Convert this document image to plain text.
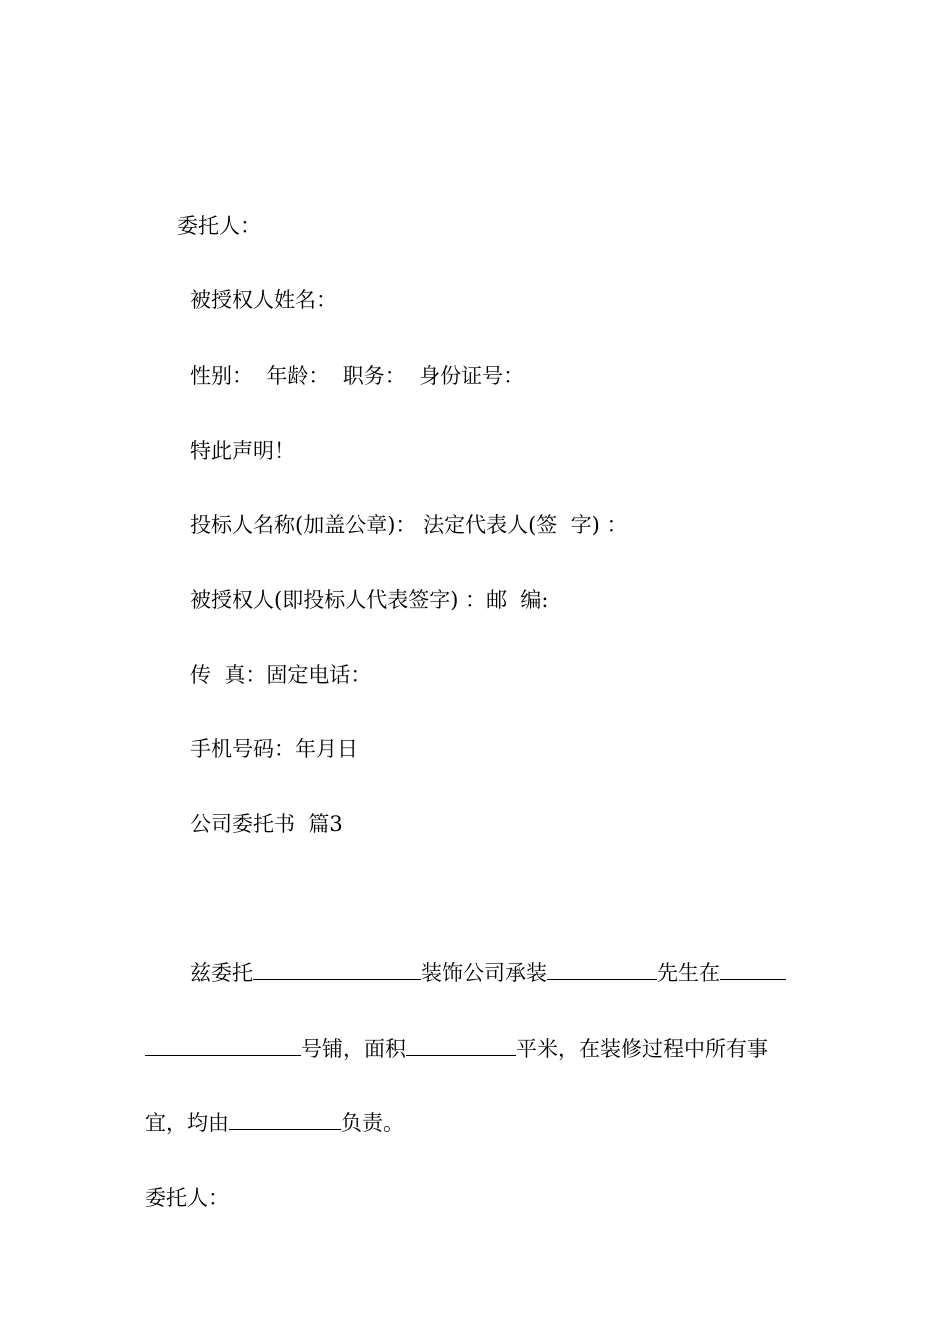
委托人：

被授权人姓名：

性别： 年龄： 职务： 身份证号：

特此声明！

投标人名称(加盖公章)： 法定代表人(签  字) ：

被授权人(即投标人代表签字) ：邮  编:

传  真：固定电话：

手机号码：年月日

公司委托书  篇3

兹委托	装饰公司承装	先生在

号铺，面积	平米，在装修过程中所有事

宜，均由	负责。

委托人：
